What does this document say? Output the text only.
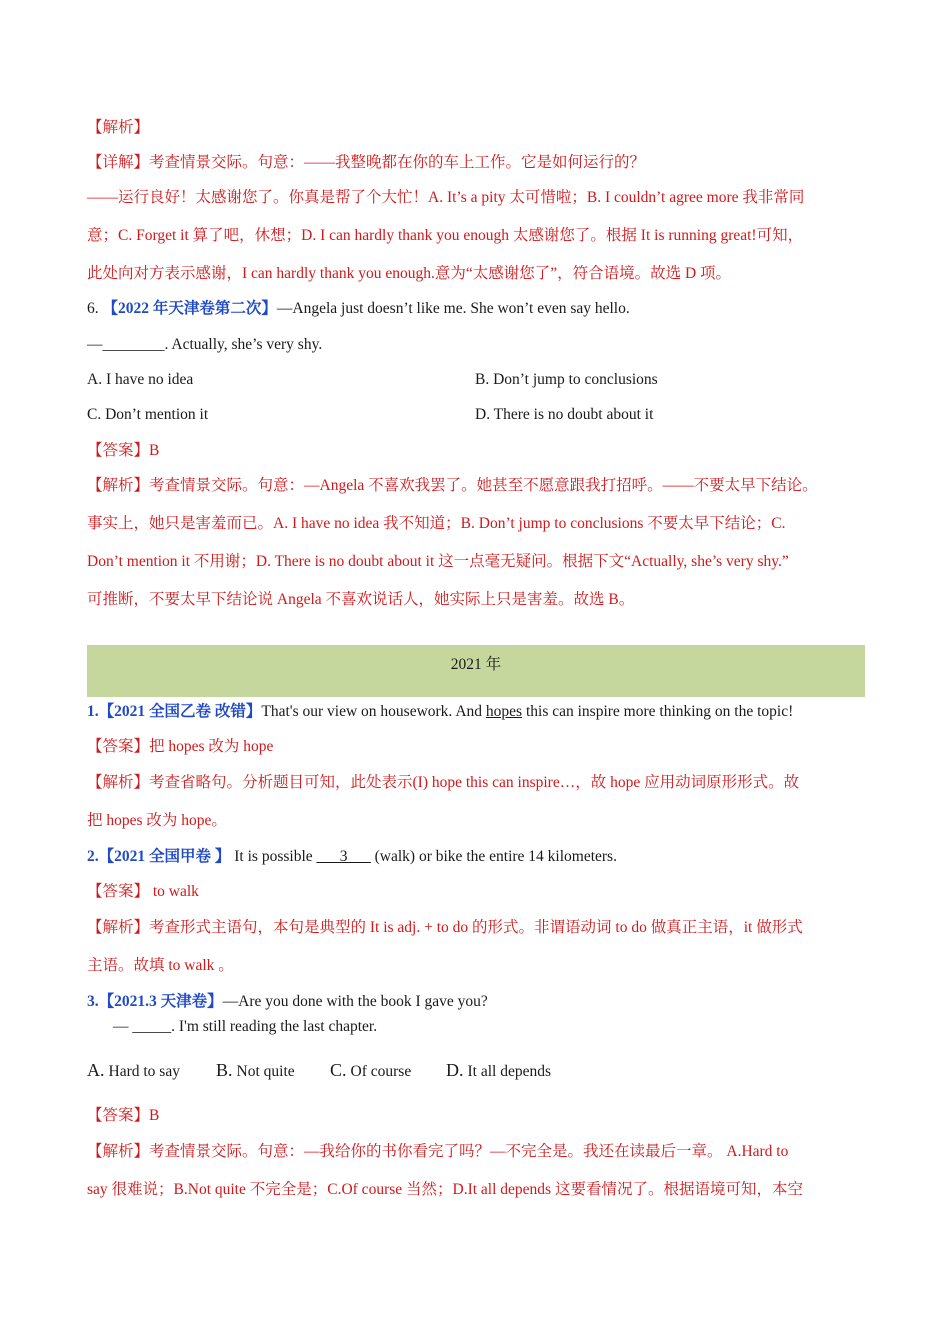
【解析】
【详解】考查情景交际。句意：——我整晚都在你的车上工作。它是如何运行的？
——运行良好！太感谢您了。你真是帮了个大忙！A. It’s a pity 太可惜啦；B. I couldn’t agree more 我非常同
意；C. Forget it 算了吧，休想；D. I can hardly thank you enough 太感谢您了。根据 It is running great!可知，
此处向对方表示感谢，I can hardly thank you enough.意为“太感谢您了”，符合语境。故选 D 项。
6. 【2022 年天津卷第二次】—Angela just doesn’t like me. She won’t even say hello.
—________. Actually, she’s very shy.
A. I have no idea	B. Don’t jump to conclusions
C. Don’t mention it	D. There is no doubt about it
【答案】B
【解析】考查情景交际。句意：—Angela 不喜欢我罢了。她甚至不愿意跟我打招呼。——不要太早下结论。
事实上，她只是害羞而已。A. I have no idea 我不知道；B. Don’t jump to conclusions 不要太早下结论；C.
Don’t mention it 不用谢；D. There is no doubt about it 这一点毫无疑问。根据下文“Actually, she’s very shy.”
可推断，不要太早下结论说 Angela 不喜欢说话人，她实际上只是害羞。故选 B。
2021 年
1.【2021 全国乙卷 改错】That's our view on housework. And hopes this can inspire more thinking on the topic!
【答案】把 hopes 改为 hope
【解析】考查省略句。分析题目可知，此处表示(I) hope this can inspire…，故 hope 应用动词原形形式。故
把 hopes 改为 hope。
2.【2021 全国甲卷 】 It is possible ___3___ (walk) or bike the entire 14 kilometers.
【答案】 to walk
【解析】考查形式主语句，本句是典型的 It is adj. + to do 的形式。非谓语动词 to do 做真正主语，it 做形式
主语。故填 to walk 。
3.【2021.3 天津卷】—Are you done with the book I gave you?
— _____. I'm still reading the last chapter.
A. Hard to say B. Not quite C. Of course D. It all depends
【答案】B
【解析】考查情景交际。句意：—我给你的书你看完了吗？—不完全是。我还在读最后一章。 A.Hard to
say 很难说；B.Not quite 不完全是；C.Of course 当然；D.It all depends 这要看情况了。根据语境可知，本空
